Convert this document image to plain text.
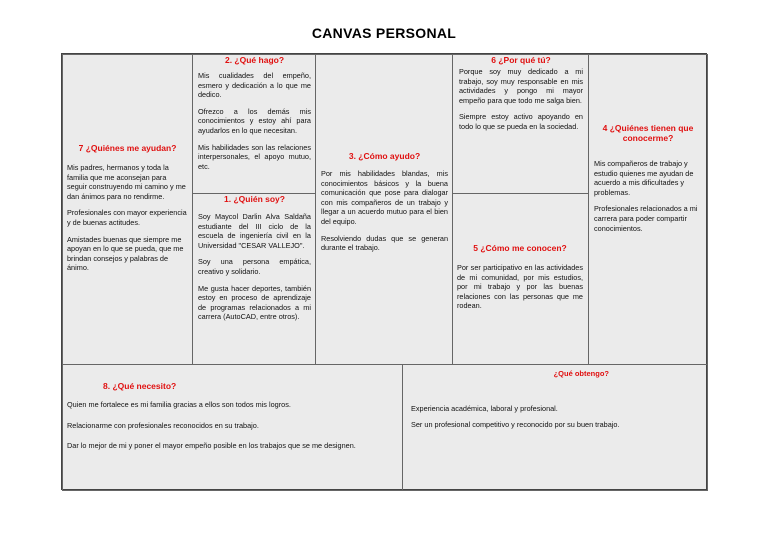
CANVAS PERSONAL
7 ¿Quiénes me ayudan?

Mis padres, hermanos y toda la familia que me aconsejan para seguir construyendo mi camino y me dan ánimos para no rendirme.

Profesionales con mayor experiencia y de buenas actitudes.

Amistades buenas que siempre me apoyan en lo que se pueda, que me brindan consejos y palabras de ánimo.

2. ¿Qué hago?

Mis cualidades del empeño, esmero y dedicación a lo que me dedico.

Ofrezco a los demás mis conocimientos y estoy ahí para ayudarlos en lo que necesitan.

Mis habilidades son las relaciones interpersonales, el apoyo mutuo, etc.

1. ¿Quién soy?

Soy Maycol Darlin Alva Saldaña estudiante del III ciclo de la escuela de ingeniería civil en la Universidad "CESAR VALLEJO".

Soy una persona empática, creativo y solidario.

Me gusta hacer deportes, también estoy en proceso de aprendizaje de programas relacionados a mi carrera (AutoCAD, entre otros).

3. ¿Cómo ayudo?

Por mis habilidades blandas, mis conocimientos básicos y la buena comunicación que pose para dialogar con mis compañeros de un trabajo y llegar a un acuerdo mutuo para el bien del equipo.

Resolviendo dudas que se generan durante el trabajo.

6 ¿Por qué tú?

Porque soy muy dedicado a mi trabajo, soy muy responsable en mis actividades y pongo mi mayor empeño para que todo me salga bien.

Siempre estoy activo apoyando en todo lo que se pueda en la sociedad.

5 ¿Cómo me conocen?

Por ser participativo en las actividades de mi comunidad, por mis estudios, por mi trabajo y por las buenas relaciones con las personas que me rodean.

4 ¿Quiénes tienen que conocerme?

Mis compañeros de trabajo y estudio quienes me ayudan de acuerdo a mis dificultades y problemas.

Profesionales relacionados a mi carrera para poder compartir conocimientos.

8. ¿Qué necesito?

Quien me fortalece es mi familia gracias a ellos son todos mis logros.

Relacionarme con profesionales reconocidos en su trabajo.

Dar lo mejor de mi y poner el mayor empeño posible en los trabajos que se me designen.

¿Qué obtengo?

Experiencia académica, laboral y profesional.

Ser un profesional competitivo y reconocido por su buen trabajo.
